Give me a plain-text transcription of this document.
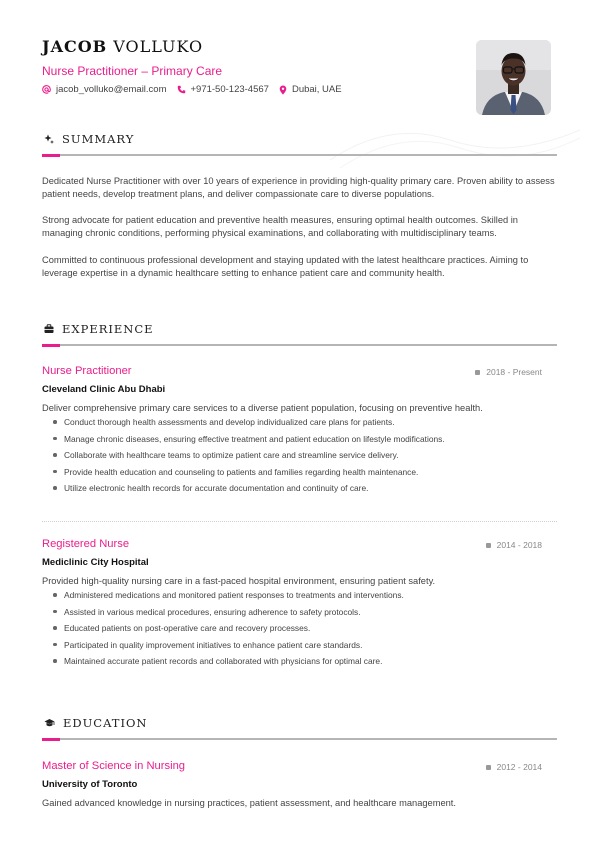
JACOB VOLLUKO
Nurse Practitioner – Primary Care
jacob_volluko@email.com	+971-50-123-4567 Dubai, UAE
SUMMARY

Dedicated Nurse Practitioner with over 10 years of experience in providing high-quality primary care. Proven ability to assess patient needs, develop treatment plans, and deliver compassionate care to diverse populations.

Strong advocate for patient education and preventive health measures, ensuring optimal health outcomes. Skilled in managing chronic conditions, performing physical examinations, and collaborating with multidisciplinary teams.

Committed to continuous professional development and staying updated with the latest healthcare practices. Aiming to leverage expertise in a dynamic healthcare setting to enhance patient care and community health.

EXPERIENCE
Nurse Practitioner	2018 - Present
Cleveland Clinic Abu Dhabi
Deliver comprehensive primary care services to a diverse patient population, focusing on preventive health.
Conduct thorough health assessments and develop individualized care plans for patients.
Manage chronic diseases, ensuring effective treatment and patient education on lifestyle modifications.
Collaborate with healthcare teams to optimize patient care and streamline service delivery.
Provide health education and counseling to patients and families regarding health maintenance.
Utilize electronic health records for accurate documentation and continuity of care.
Registered Nurse	2014 - 2018
Mediclinic City Hospital
Provided high-quality nursing care in a fast-paced hospital environment, ensuring patient safety.
Administered medications and monitored patient responses to treatments and interventions.
Assisted in various medical procedures, ensuring adherence to safety protocols.
Educated patients on post-operative care and recovery processes.
Participated in quality improvement initiatives to enhance patient care standards.
Maintained accurate patient records and collaborated with physicians for optimal care.
EDUCATION
Master of Science in Nursing	2012 - 2014
University of Toronto
Gained advanced knowledge in nursing practices, patient assessment, and healthcare management.
